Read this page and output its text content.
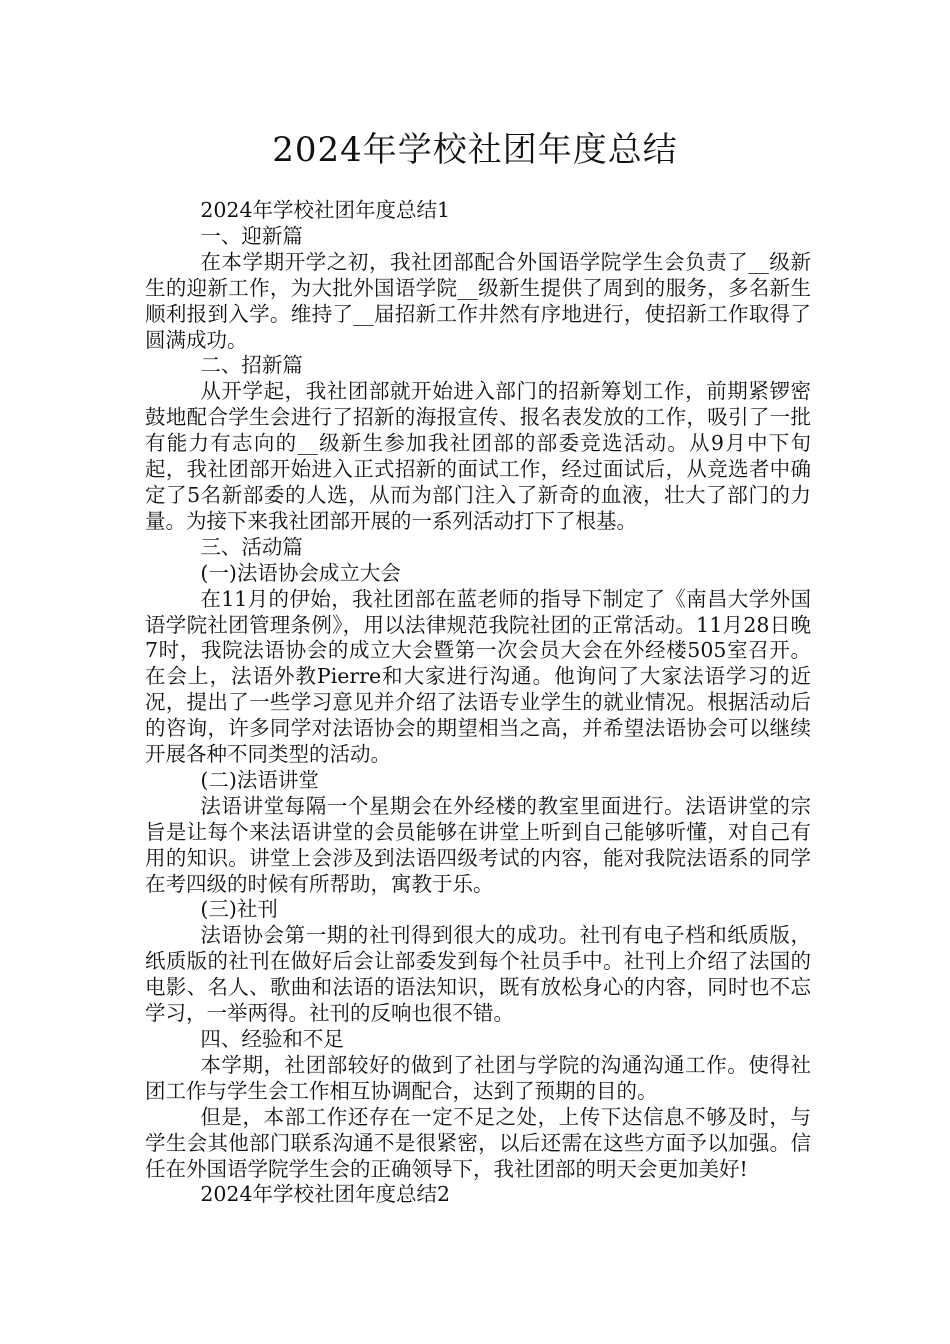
2024年学校社团年度总结

2024年学校社团年度总结1

一、迎新篇

在本学期开学之初，我社团部配合外国语学院学生会负责了__级新生的迎新工作，为大批外国语学院__级新生提供了周到的服务，多名新生顺利报到入学。维持了__届招新工作井然有序地进行，使招新工作取得了圆满成功。

二、招新篇

从开学起，我社团部就开始进入部门的招新筹划工作，前期紧锣密鼓地配合学生会进行了招新的海报宣传、报名表发放的工作，吸引了一批有能力有志向的__级新生参加我社团部的部委竞选活动。从9月中下旬起，我社团部开始进入正式招新的面试工作，经过面试后，从竞选者中确定了5名新部委的人选，从而为部门注入了新奇的血液，壮大了部门的力量。为接下来我社团部开展的一系列活动打下了根基。

三、活动篇

(一)法语协会成立大会

在11月的伊始，我社团部在蓝老师的指导下制定了《南昌大学外国语学院社团管理条例》，用以法律规范我院社团的正常活动。11月28日晚7时，我院法语协会的成立大会暨第一次会员大会在外经楼505室召开。在会上，法语外教Pierre和大家进行沟通。他询问了大家法语学习的近况，提出了一些学习意见并介绍了法语专业学生的就业情况。根据活动后的咨询，许多同学对法语协会的期望相当之高，并希望法语协会可以继续开展各种不同类型的活动。

(二)法语讲堂

法语讲堂每隔一个星期会在外经楼的教室里面进行。法语讲堂的宗旨是让每个来法语讲堂的会员能够在讲堂上听到自己能够听懂，对自己有用的知识。讲堂上会涉及到法语四级考试的内容，能对我院法语系的同学在考四级的时候有所帮助，寓教于乐。

(三)社刊

法语协会第一期的社刊得到很大的成功。社刊有电子档和纸质版，纸质版的社刊在做好后会让部委发到每个社员手中。社刊上介绍了法国的电影、名人、歌曲和法语的语法知识，既有放松身心的内容，同时也不忘学习，一举两得。社刊的反响也很不错。

四、经验和不足

本学期，社团部较好的做到了社团与学院的沟通沟通工作。使得社团工作与学生会工作相互协调配合，达到了预期的目的。

但是，本部工作还存在一定不足之处，上传下达信息不够及时，与学生会其他部门联系沟通不是很紧密，以后还需在这些方面予以加强。信任在外国语学院学生会的正确领导下，我社团部的明天会更加美好!

2024年学校社团年度总结2
